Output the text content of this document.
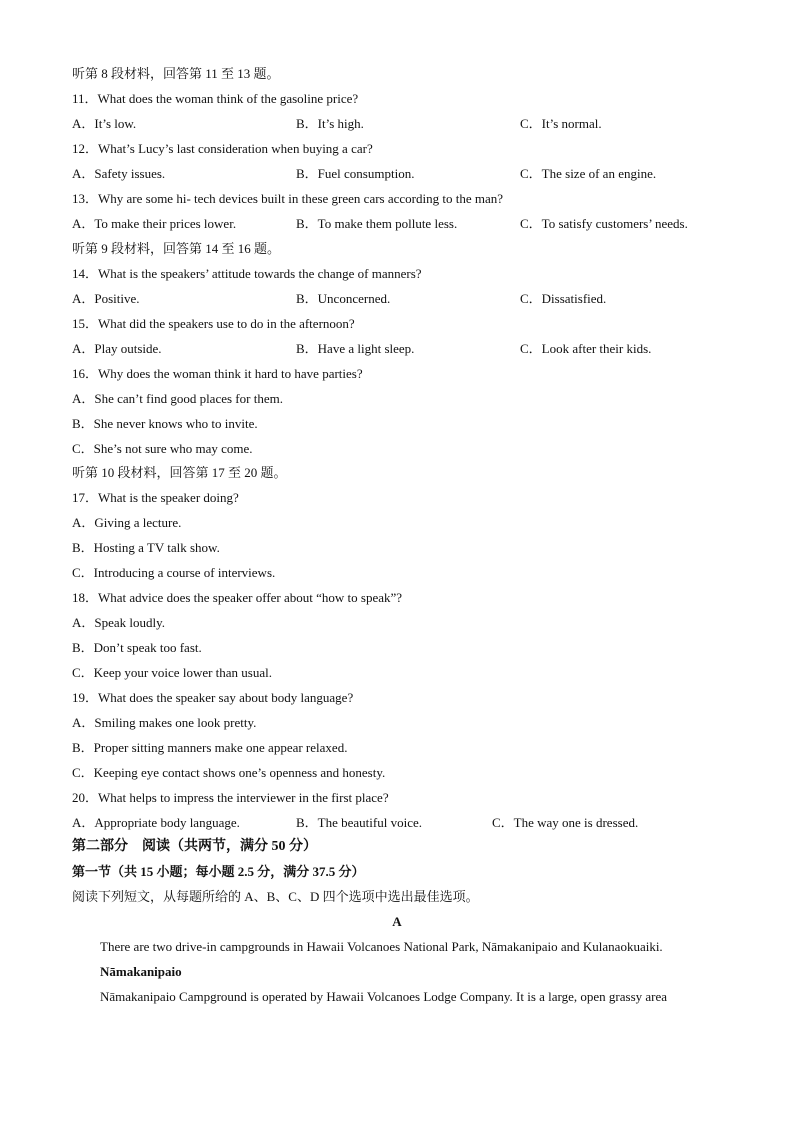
听第 8 段材料，回答第 11 至 13 题。
11．What does the woman think of the gasoline price?
A．It’s low.	B．It’s high.	C．It’s normal.
12．What’s Lucy’s last consideration when buying a car?
A．Safety issues.	B．Fuel consumption.	C．The size of an engine.
13．Why are some hi- tech devices built in these green cars according to the man?
A．To make their prices lower.	B．To make them pollute less.	C．To satisfy customers’ needs.
听第 9 段材料，回答第 14 至 16 题。
14．What is the speakers’ attitude towards the change of manners?
A．Positive.	B．Unconcerned.	C．Dissatisfied.
15．What did the speakers use to do in the afternoon?
A．Play outside.	B．Have a light sleep.	C．Look after their kids.
16．Why does the woman think it hard to have parties?
A．She can’t find good places for them.
B．She never knows who to invite.
C．She’s not sure who may come.
听第 10 段材料，回答第 17 至 20 题。
17．What is the speaker doing?
A．Giving a lecture.
B．Hosting a TV talk show.
C．Introducing a course of interviews.
18．What advice does the speaker offer about “how to speak”?
A．Speak loudly.
B．Don’t speak too fast.
C．Keep your voice lower than usual.
19．What does the speaker say about body language?
A．Smiling makes one look pretty.
B．Proper sitting manners make one appear relaxed.
C．Keeping eye contact shows one’s openness and honesty.
20．What helps to impress the interviewer in the first place?
A．Appropriate body language.	B．The beautiful voice.	C．The way one is dressed.
第二部分　阅读（共两节，满分 50 分）
第一节（共 15 小题；每小题 2.5 分，满分 37.5 分）
阅读下列短文，从每题所给的 A、B、C、D 四个选项中选出最佳选项。
A
There are two drive-in campgrounds in Hawaii Volcanoes National Park, Nāmakanipaio and Kulanaokuaiki.
Nāmakanipaio
Nāmakanipaio Campground is operated by Hawaii Volcanoes Lodge Company. It is a large, open grassy area
